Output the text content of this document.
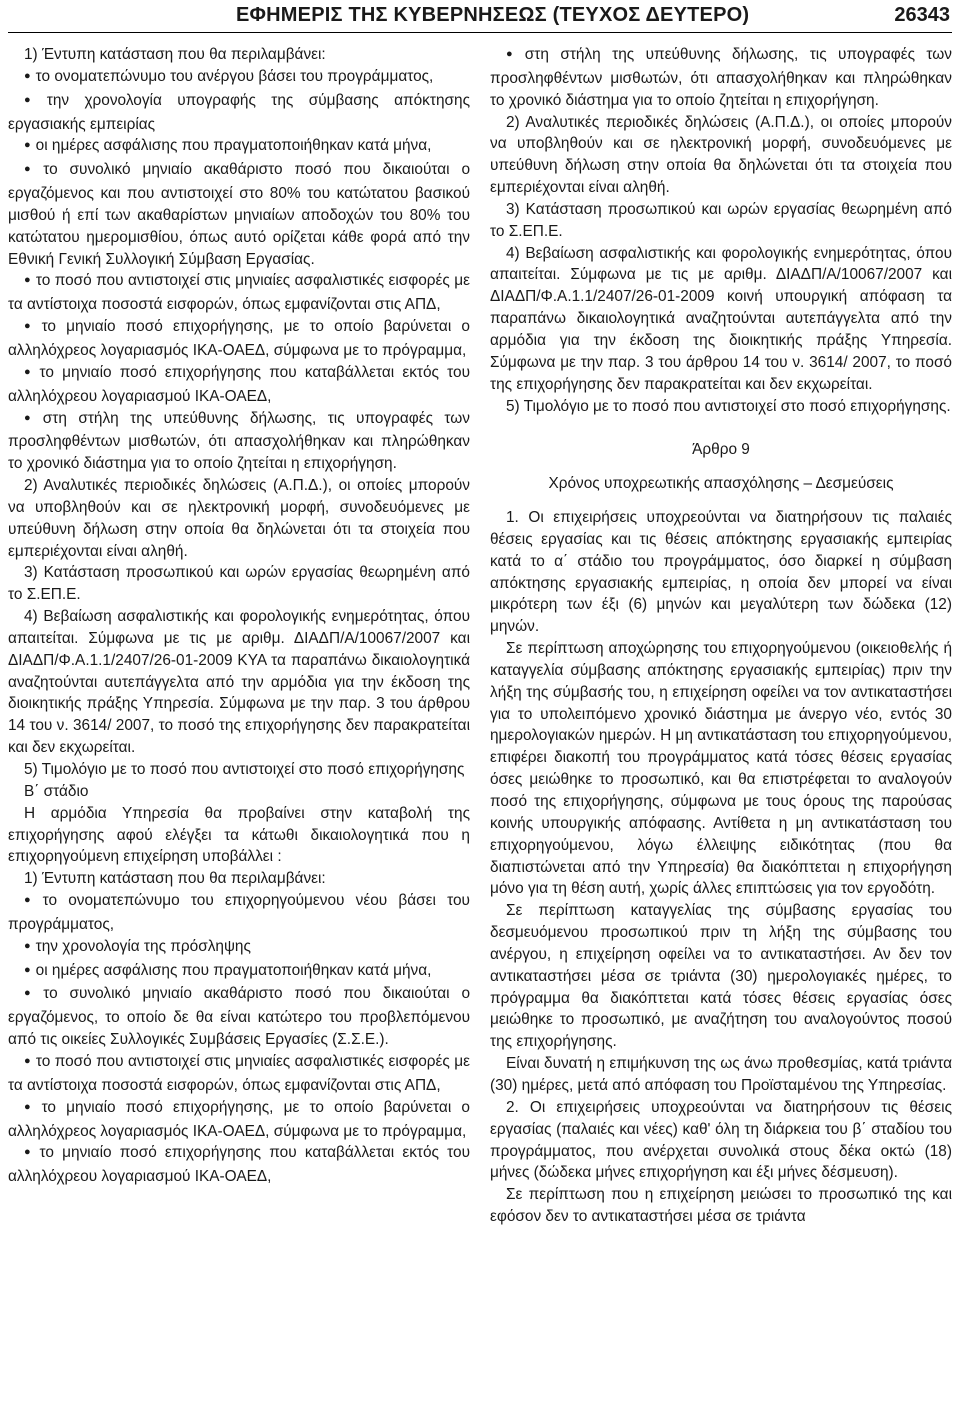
ΕΦΗΜΕΡΙΣ ΤΗΣ ΚΥΒΕΡΝΗΣΕΩΣ (ΤΕΥΧΟΣ ΔΕΥΤΕΡΟ)	26343

1) Έντυπη κατάσταση που θα περιλαμβάνει:

● το ονοματεπώνυμο του ανέργου βάσει του προγράμματος,

● την χρονολογία υπογραφής της σύμβασης απόκτησης εργασιακής εμπειρίας

● οι ημέρες ασφάλισης που πραγματοποιήθηκαν κατά μήνα,

● το συνολικό μηνιαίο ακαθάριστο ποσό που δικαιούται ο εργαζόμενος και που αντιστοιχεί στο 80% του κατώτατου βασικού μισθού ή επί των ακαθαρίστων μηνιαίων αποδοχών του 80% του κατώτατου ημερομισθίου, όπως αυτό ορίζεται κάθε φορά από την Εθνική Γενική Συλλογική Σύμβαση Εργασίας.

● το ποσό που αντιστοιχεί στις μηνιαίες ασφαλιστικές εισφορές με τα αντίστοιχα ποσοστά εισφορών, όπως εμφανίζονται στις ΑΠΔ,

● το μηνιαίο ποσό επιχορήγησης, με το οποίο βαρύνεται ο αλληλόχρεος λογαριασμός ΙΚΑ-ΟΑΕΔ, σύμφωνα με το πρόγραμμα,

● το μηνιαίο ποσό επιχορήγησης που καταβάλλεται εκτός του αλληλόχρεου λογαριασμού ΙΚΑ-ΟΑΕΔ,

● στη στήλη της υπεύθυνης δήλωσης, τις υπογραφές των προσληφθέντων μισθωτών, ότι απασχολήθηκαν και πληρώθηκαν το χρονικό διάστημα για το οποίο ζητείται η επιχορήγηση.

2) Αναλυτικές περιοδικές δηλώσεις (Α.Π.Δ.), οι οποίες μπορούν να υποβληθούν και σε ηλεκτρονική μορφή, συνοδευόμενες με υπεύθυνη δήλωση στην οποία θα δηλώνεται ότι τα στοιχεία που εμπεριέχονται είναι αληθή.

3) Κατάσταση προσωπικού και ωρών εργασίας θεωρημένη από το Σ.ΕΠ.Ε.

4) Βεβαίωση ασφαλιστικής και φορολογικής ενημερότητας, όπου απαιτείται. Σύμφωνα με τις με αριθμ. ΔΙΑΔΠ/Α/10067/2007 και ΔΙΑΔΠ/Φ.Α.1.1/2407/26-01-2009 ΚΥΑ τα παραπάνω δικαιολογητικά αναζητούνται αυτεπάγγελτα από την αρμόδια για την έκδοση της διοικητικής πράξης Υπηρεσία. Σύμφωνα με την παρ. 3 του άρθρου 14 του ν. 3614/ 2007, το ποσό της επιχορήγησης δεν παρακρατείται και δεν εκχωρείται.

5) Τιμολόγιο με το ποσό που αντιστοιχεί στο ποσό επιχορήγησης

Β΄ στάδιο

Η αρμόδια Υπηρεσία θα προβαίνει στην καταβολή της επιχορήγησης αφού ελέγξει τα κάτωθι δικαιολογητικά που η επιχορηγούμενη επιχείρηση υποβάλλει :

1) Έντυπη κατάσταση που θα περιλαμβάνει:

● το ονοματεπώνυμο του επιχορηγούμενου νέου βάσει του προγράμματος,

● την χρονολογία της πρόσληψης

● οι ημέρες ασφάλισης που πραγματοποιήθηκαν κατά μήνα,

● το συνολικό μηνιαίο ακαθάριστο ποσό που δικαιούται ο εργαζόμενος, το οποίο δε θα είναι κατώτερο του προβλεπόμενου από τις οικείες Συλλογικές Συμβάσεις Εργασίες (Σ.Σ.Ε.).

● το ποσό που αντιστοιχεί στις μηνιαίες ασφαλιστικές εισφορές με τα αντίστοιχα ποσοστά εισφορών, όπως εμφανίζονται στις ΑΠΔ,

● το μηνιαίο ποσό επιχορήγησης, με το οποίο βαρύνεται ο αλληλόχρεος λογαριασμός ΙΚΑ-ΟΑΕΔ, σύμφωνα με το πρόγραμμα,

● το μηνιαίο ποσό επιχορήγησης που καταβάλλεται εκτός του αλληλόχρεου λογαριασμού ΙΚΑ-ΟΑΕΔ,

● στη στήλη της υπεύθυνης δήλωσης, τις υπογραφές των προσληφθέντων μισθωτών, ότι απασχολήθηκαν και πληρώθηκαν το χρονικό διάστημα για το οποίο ζητείται η επιχορήγηση.

2) Αναλυτικές περιοδικές δηλώσεις (Α.Π.Δ.), οι οποίες μπορούν να υποβληθούν και σε ηλεκτρονική μορφή, συνοδευόμενες με υπεύθυνη δήλωση στην οποία θα δηλώνεται ότι τα στοιχεία που εμπεριέχονται είναι αληθή.

3) Κατάσταση προσωπικού και ωρών εργασίας θεωρημένη από το Σ.ΕΠ.Ε.

4) Βεβαίωση ασφαλιστικής και φορολογικής ενημερότητας, όπου απαιτείται. Σύμφωνα με τις με αριθμ. ΔΙΑΔΠ/Α/10067/2007 και ΔΙΑΔΠ/Φ.Α.1.1/2407/26-01-2009 κοινή υπουργική απόφαση τα παραπάνω δικαιολογητικά αναζητούνται αυτεπάγγελτα από την αρμόδια για την έκδοση της διοικητικής πράξης Υπηρεσία. Σύμφωνα με την παρ. 3 του άρθρου 14 του ν. 3614/ 2007, το ποσό της επιχορήγησης δεν παρακρατείται και δεν εκχωρείται.

5) Τιμολόγιο με το ποσό που αντιστοιχεί στο ποσό επιχορήγησης.

Άρθρο 9

Χρόνος υποχρεωτικής απασχόλησης – Δεσμεύσεις

1. Οι επιχειρήσεις υποχρεούνται να διατηρήσουν τις παλαιές θέσεις εργασίας και τις θέσεις απόκτησης εργασιακής εμπειρίας κατά το α΄ στάδιο του προγράμματος, όσο διαρκεί η σύμβαση απόκτησης εργασιακής εμπειρίας, η οποία δεν μπορεί να είναι μικρότερη των έξι (6) μηνών και μεγαλύτερη των δώδεκα (12) μηνών.

Σε περίπτωση αποχώρησης του επιχορηγούμενου (οικειοθελής ή καταγγελία σύμβασης απόκτησης εργασιακής εμπειρίας) πριν την λήξη της σύμβασής του, η επιχείρηση οφείλει να τον αντικαταστήσει για το υπολειπόμενο χρονικό διάστημα με άνεργο νέο, εντός 30 ημερολογιακών ημερών. Η μη αντικατάσταση του επιχορηγούμενου, επιφέρει διακοπή του προγράμματος κατά τόσες θέσεις εργασίας όσες μειώθηκε το προσωπικό, και θα επιστρέφεται το αναλογούν ποσό της επιχορήγησης, σύμφωνα με τους όρους της παρούσας κοινής υπουργικής απόφασης. Αντίθετα η μη αντικατάσταση του επιχορηγούμενου, λόγω έλλειψης ειδικότητας (που θα διαπιστώνεται από την Υπηρεσία) θα διακόπτεται η επιχορήγηση μόνο για τη θέση αυτή, χωρίς άλλες επιπτώσεις για τον εργοδότη.

Σε περίπτωση καταγγελίας της σύμβασης εργασίας του δεσμευόμενου προσωπικού πριν τη λήξη της σύμβασης του ανέργου, η επιχείρηση οφείλει να το αντικαταστήσει. Αν δεν τον αντικαταστήσει μέσα σε τριάντα (30) ημερολογιακές ημέρες, το πρόγραμμα θα διακόπτεται κατά τόσες θέσεις εργασίας όσες μειώθηκε το προσωπικό, με αναζήτηση του αναλογούντος ποσού της επιχορήγησης.

Είναι δυνατή η επιμήκυνση της ως άνω προθεσμίας, κατά τριάντα (30) ημέρες, μετά από απόφαση του Προϊσταμένου της Υπηρεσίας.

2. Οι επιχειρήσεις υποχρεούνται να διατηρήσουν τις θέσεις εργασίας (παλαιές και νέες) καθ' όλη τη διάρκεια του β΄ σταδίου του προγράμματος, που ανέρχεται συνολικά στους δέκα οκτώ (18) μήνες (δώδεκα μήνες επιχορήγηση και έξι μήνες δέσμευση).

Σε περίπτωση που η επιχείρηση μειώσει το προσωπικό της και εφόσον δεν το αντικαταστήσει μέσα σε τριάντα
